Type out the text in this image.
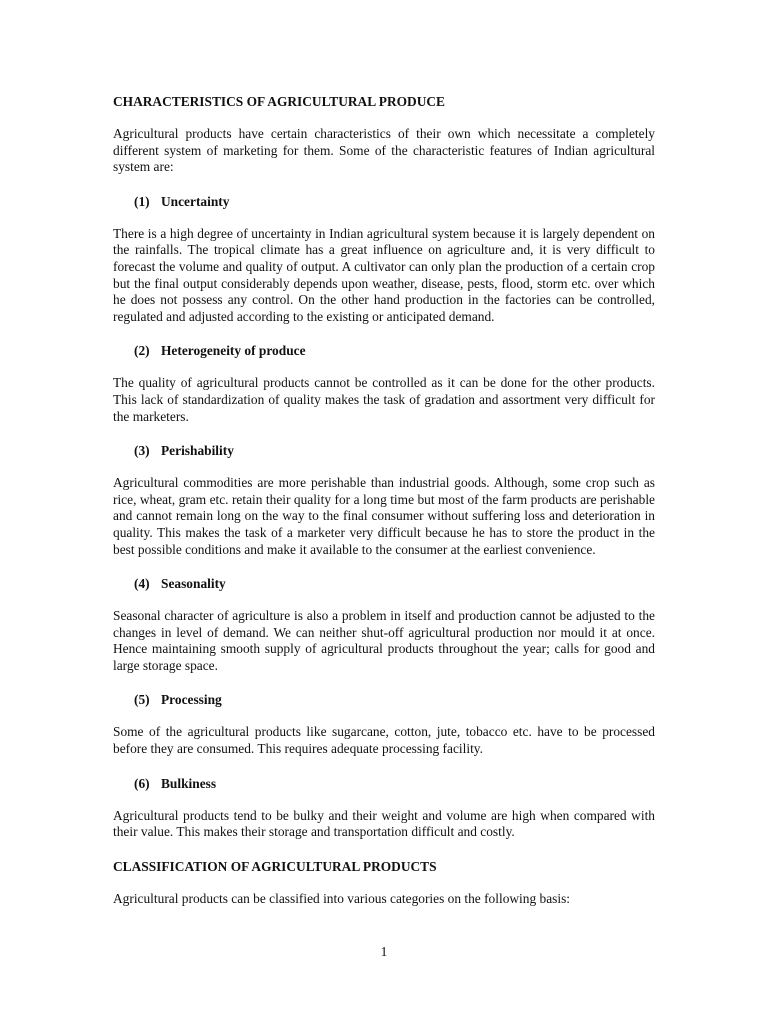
CHARACTERISTICS OF AGRICULTURAL PRODUCE
Agricultural products have certain characteristics of their own which necessitate a completely different system of marketing for them. Some of the characteristic features of Indian agricultural system are:
(1) Uncertainty
There is a high degree of uncertainty in Indian agricultural system because it is largely dependent on the rainfalls. The tropical climate has a great influence on agriculture and, it is very difficult to forecast the volume and quality of output. A cultivator can only plan the production of a certain crop but the final output considerably depends upon weather, disease, pests, flood, storm etc. over which he does not possess any control. On the other hand production in the factories can be controlled, regulated and adjusted according to the existing or anticipated demand.
(2) Heterogeneity of produce
The quality of agricultural products cannot be controlled as it can be done for the other products. This lack of standardization of quality makes the task of gradation and assortment very difficult for the marketers.
(3) Perishability
Agricultural commodities are more perishable than industrial goods. Although, some crop such as rice, wheat, gram etc. retain their quality for a long time but most of the farm products are perishable and cannot remain long on the way to the final consumer without suffering loss and deterioration in quality. This makes the task of a marketer very difficult because he has to store the product in the best possible conditions and make it available to the consumer at the earliest convenience.
(4) Seasonality
Seasonal character of agriculture is also a problem in itself and production cannot be adjusted to the changes in level of demand. We can neither shut-off agricultural production nor mould it at once. Hence maintaining smooth supply of agricultural products throughout the year; calls for good and large storage space.
(5) Processing
Some of the agricultural products like sugarcane, cotton, jute, tobacco etc. have to be processed before they are consumed. This requires adequate processing facility.
(6) Bulkiness
Agricultural products tend to be bulky and their weight and volume are high when compared with their value. This makes their storage and transportation difficult and costly.
CLASSIFICATION OF AGRICULTURAL PRODUCTS
Agricultural products can be classified into various categories on the following basis:
1
